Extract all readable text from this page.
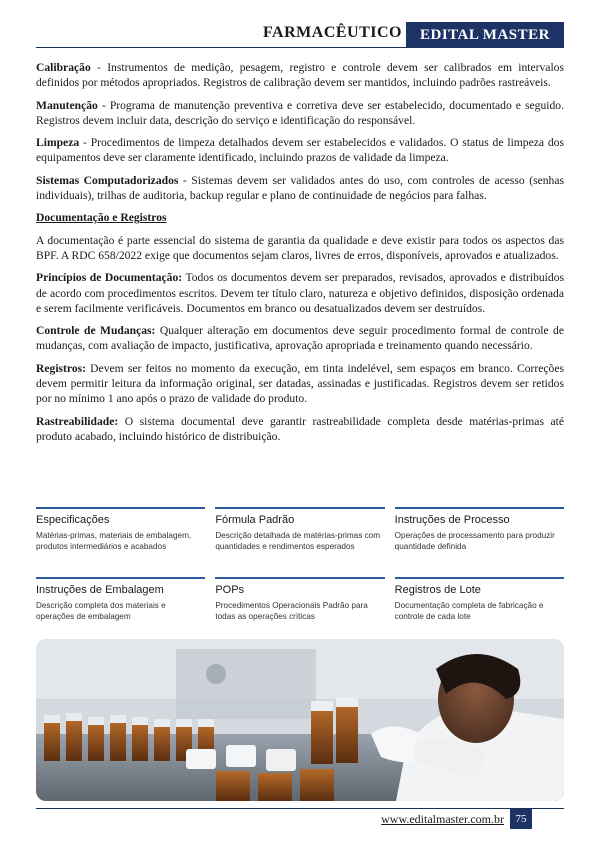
FARMACÊUTICO	EDITAL MASTER

Calibração - Instrumentos de medição, pesagem, registro e controle devem ser calibrados em intervalos definidos por métodos apropriados. Registros de calibração devem ser mantidos, incluindo padrões rastreáveis.

Manutenção - Programa de manutenção preventiva e corretiva deve ser estabelecido, documentado e seguido. Registros devem incluir data, descrição do serviço e identificação do responsável.

Limpeza - Procedimentos de limpeza detalhados devem ser estabelecidos e validados. O status de limpeza dos equipamentos deve ser claramente identificado, incluindo prazos de validade da limpeza.

Sistemas Computadorizados - Sistemas devem ser validados antes do uso, com controles de acesso (senhas individuais), trilhas de auditoria, backup regular e plano de continuidade de negócios para falhas.

Documentação e Registros

A documentação é parte essencial do sistema de garantia da qualidade e deve existir para todos os aspectos das BPF. A RDC 658/2022 exige que documentos sejam claros, livres de erros, disponíveis, aprovados e atualizados.

Princípios de Documentação: Todos os documentos devem ser preparados, revisados, aprovados e distribuídos de acordo com procedimentos escritos. Devem ter título claro, natureza e objetivo definidos, disposição ordenada e serem facilmente verificáveis. Documentos em branco ou desatualizados devem ser destruídos.

Controle de Mudanças: Qualquer alteração em documentos deve seguir procedimento formal de controle de mudanças, com avaliação de impacto, justificativa, aprovação apropriada e treinamento quando necessário.

Registros: Devem ser feitos no momento da execução, em tinta indelével, sem espaços em branco. Correções devem permitir leitura da informação original, ser datadas, assinadas e justificadas. Registros devem ser retidos por no mínimo 1 ano após o prazo de validade do produto.

Rastreabilidade: O sistema documental deve garantir rastreabilidade completa desde matérias-primas até produto acabado, incluindo histórico de distribuição.

Especificações
Matérias-primas, materiais de embalagem, produtos intermediários e acabados
Fórmula Padrão
Descrição detalhada de matérias-primas com quantidades e rendimentos esperados
Instruções de Processo
Operações de processamento para produzir quantidade definida
Instruções de Embalagem
Descrição completa dos materiais e operações de embalagem
POPs
Procedimentos Operacionais Padrão para todas as operações críticas
Registros de Lote
Documentação completa de fabricação e controle de cada lote
www.editalmaster.com.br	75
